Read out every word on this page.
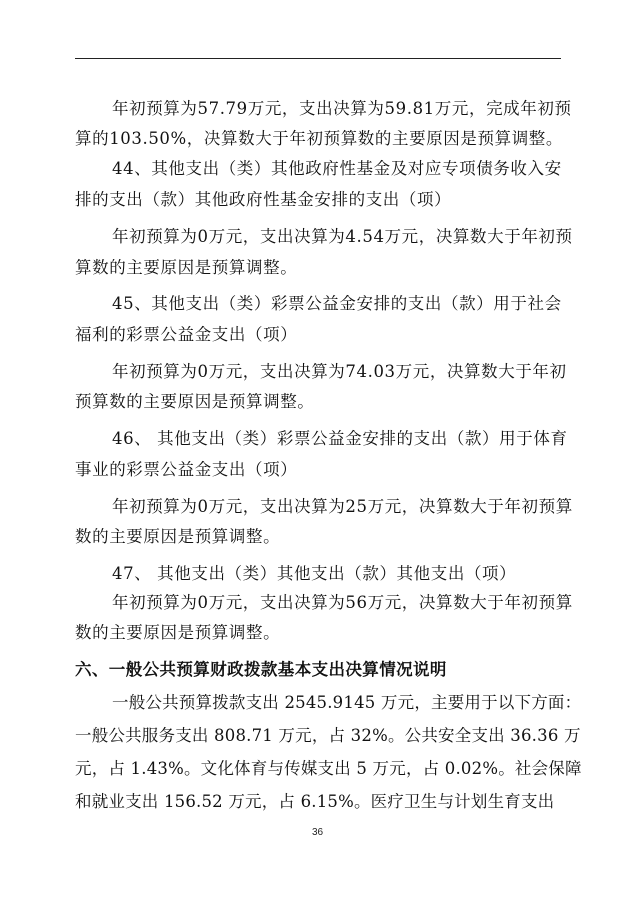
年初预算为57.79万元，支出决算为59.81万元，完成年初预
算的103.50%，决算数大于年初预算数的主要原因是预算调整。
44、其他支出（类）其他政府性基金及对应专项债务收入安
排的支出（款）其他政府性基金安排的支出（项）
年初预算为0万元，支出决算为4.54万元，决算数大于年初预
算数的主要原因是预算调整。
45、其他支出（类）彩票公益金安排的支出（款）用于社会
福利的彩票公益金支出（项）
年初预算为0万元，支出决算为74.03万元，决算数大于年初
预算数的主要原因是预算调整。
46、 其他支出（类）彩票公益金安排的支出（款）用于体育
事业的彩票公益金支出（项）
年初预算为0万元，支出决算为25万元，决算数大于年初预算
数的主要原因是预算调整。
47、 其他支出（类）其他支出（款）其他支出（项）
年初预算为0万元，支出决算为56万元，决算数大于年初预算
数的主要原因是预算调整。
六、一般公共预算财政拨款基本支出决算情况说明
一般公共预算拨款支出 2545.9145 万元，主要用于以下方面：
一般公共服务支出 808.71 万元，占 32%。公共安全支出 36.36 万
元，占 1.43%。文化体育与传媒支出 5 万元，占 0.02%。社会保障
和就业支出 156.52 万元，占 6.15%。医疗卫生与计划生育支出
36
